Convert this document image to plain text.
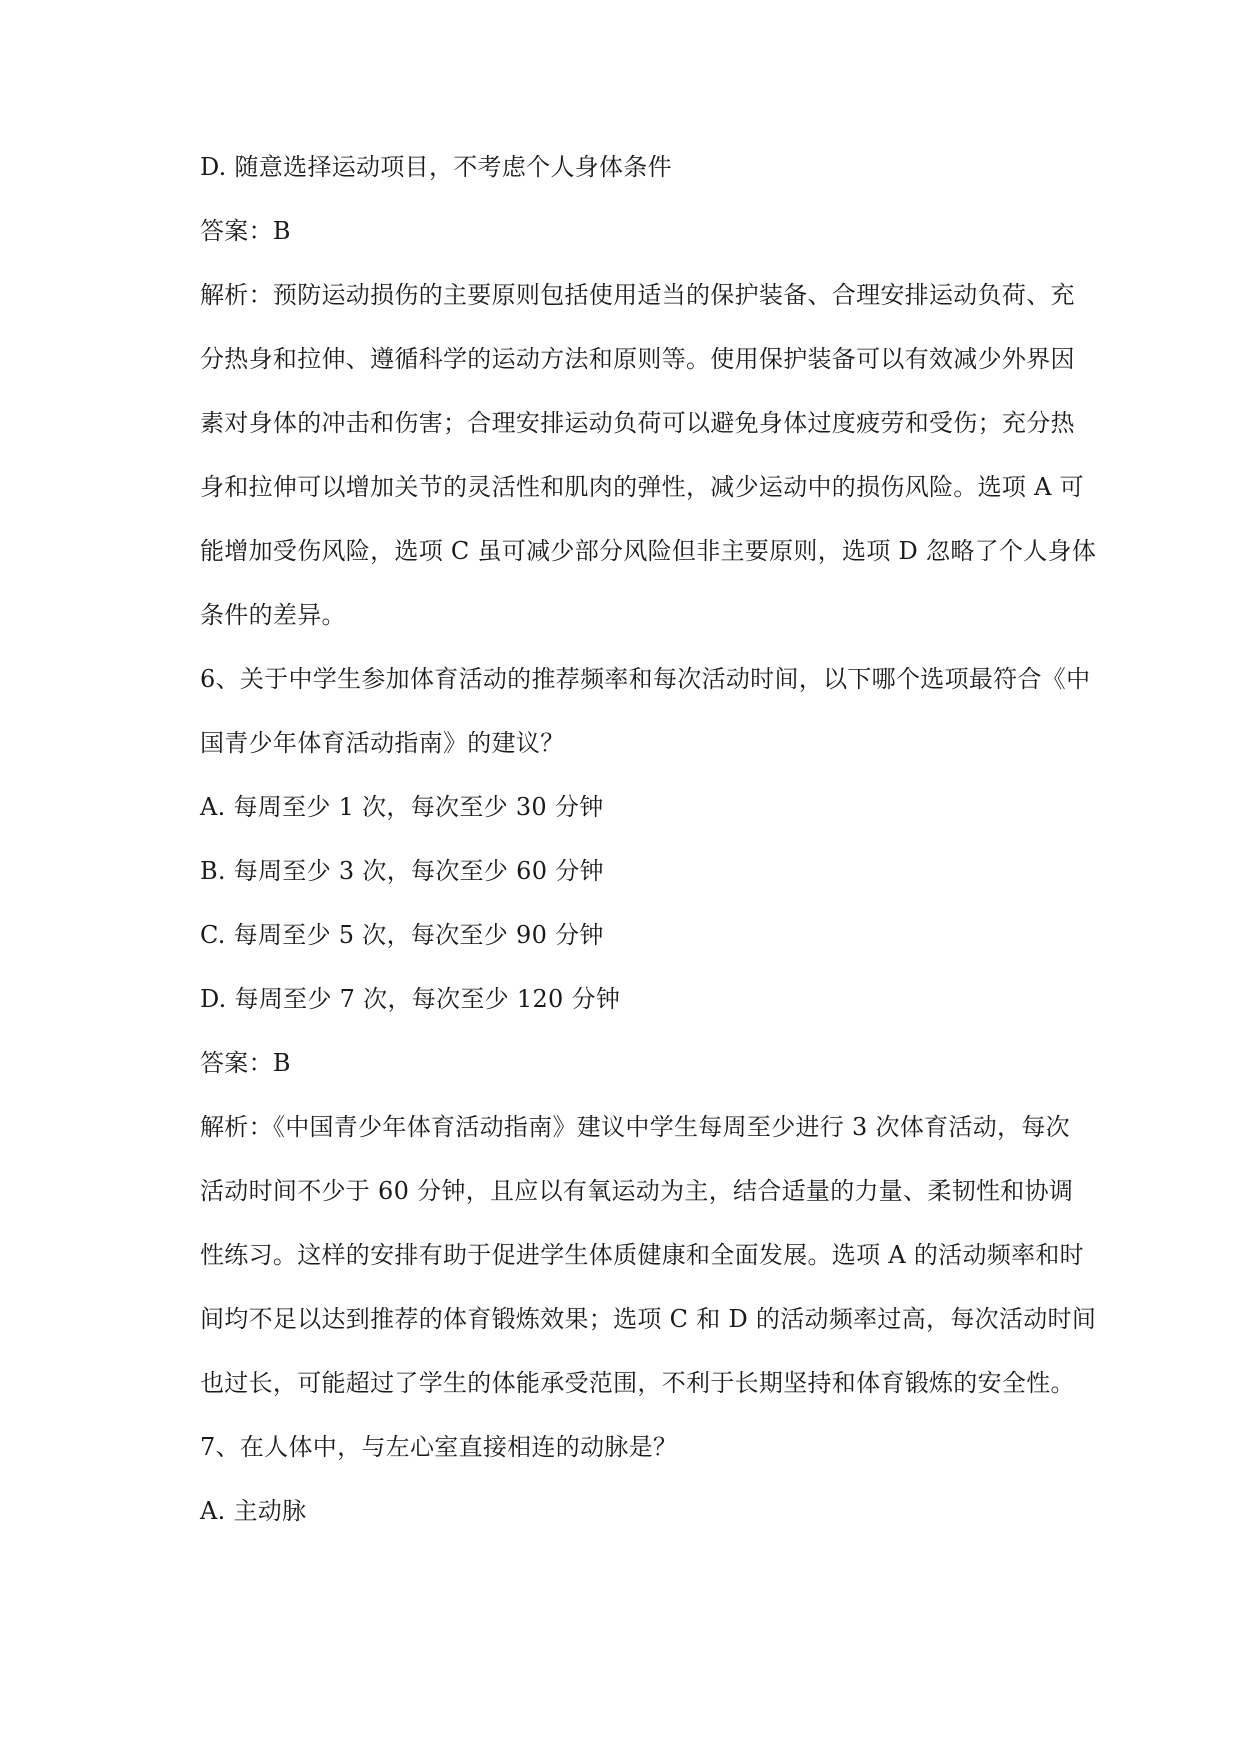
D. 随意选择运动项目，不考虑个人身体条件
答案：B
解析：预防运动损伤的主要原则包括使用适当的保护装备、合理安排运动负荷、充
分热身和拉伸、遵循科学的运动方法和原则等。使用保护装备可以有效减少外界因
素对身体的冲击和伤害；合理安排运动负荷可以避免身体过度疲劳和受伤；充分热
身和拉伸可以增加关节的灵活性和肌肉的弹性，减少运动中的损伤风险。选项 A 可
能增加受伤风险，选项 C 虽可减少部分风险但非主要原则，选项 D 忽略了个人身体
条件的差异。
6、关于中学生参加体育活动的推荐频率和每次活动时间，以下哪个选项最符合《中
国青少年体育活动指南》的建议？
A. 每周至少 1 次，每次至少 30 分钟
B. 每周至少 3 次，每次至少 60 分钟
C. 每周至少 5 次，每次至少 90 分钟
D. 每周至少 7 次，每次至少 120 分钟
答案：B
解析：《中国青少年体育活动指南》建议中学生每周至少进行 3 次体育活动，每次
活动时间不少于 60 分钟，且应以有氧运动为主，结合适量的力量、柔韧性和协调
性练习。这样的安排有助于促进学生体质健康和全面发展。选项 A 的活动频率和时
间均不足以达到推荐的体育锻炼效果；选项 C 和 D 的活动频率过高，每次活动时间
也过长，可能超过了学生的体能承受范围，不利于长期坚持和体育锻炼的安全性。
7、在人体中，与左心室直接相连的动脉是？
A. 主动脉
